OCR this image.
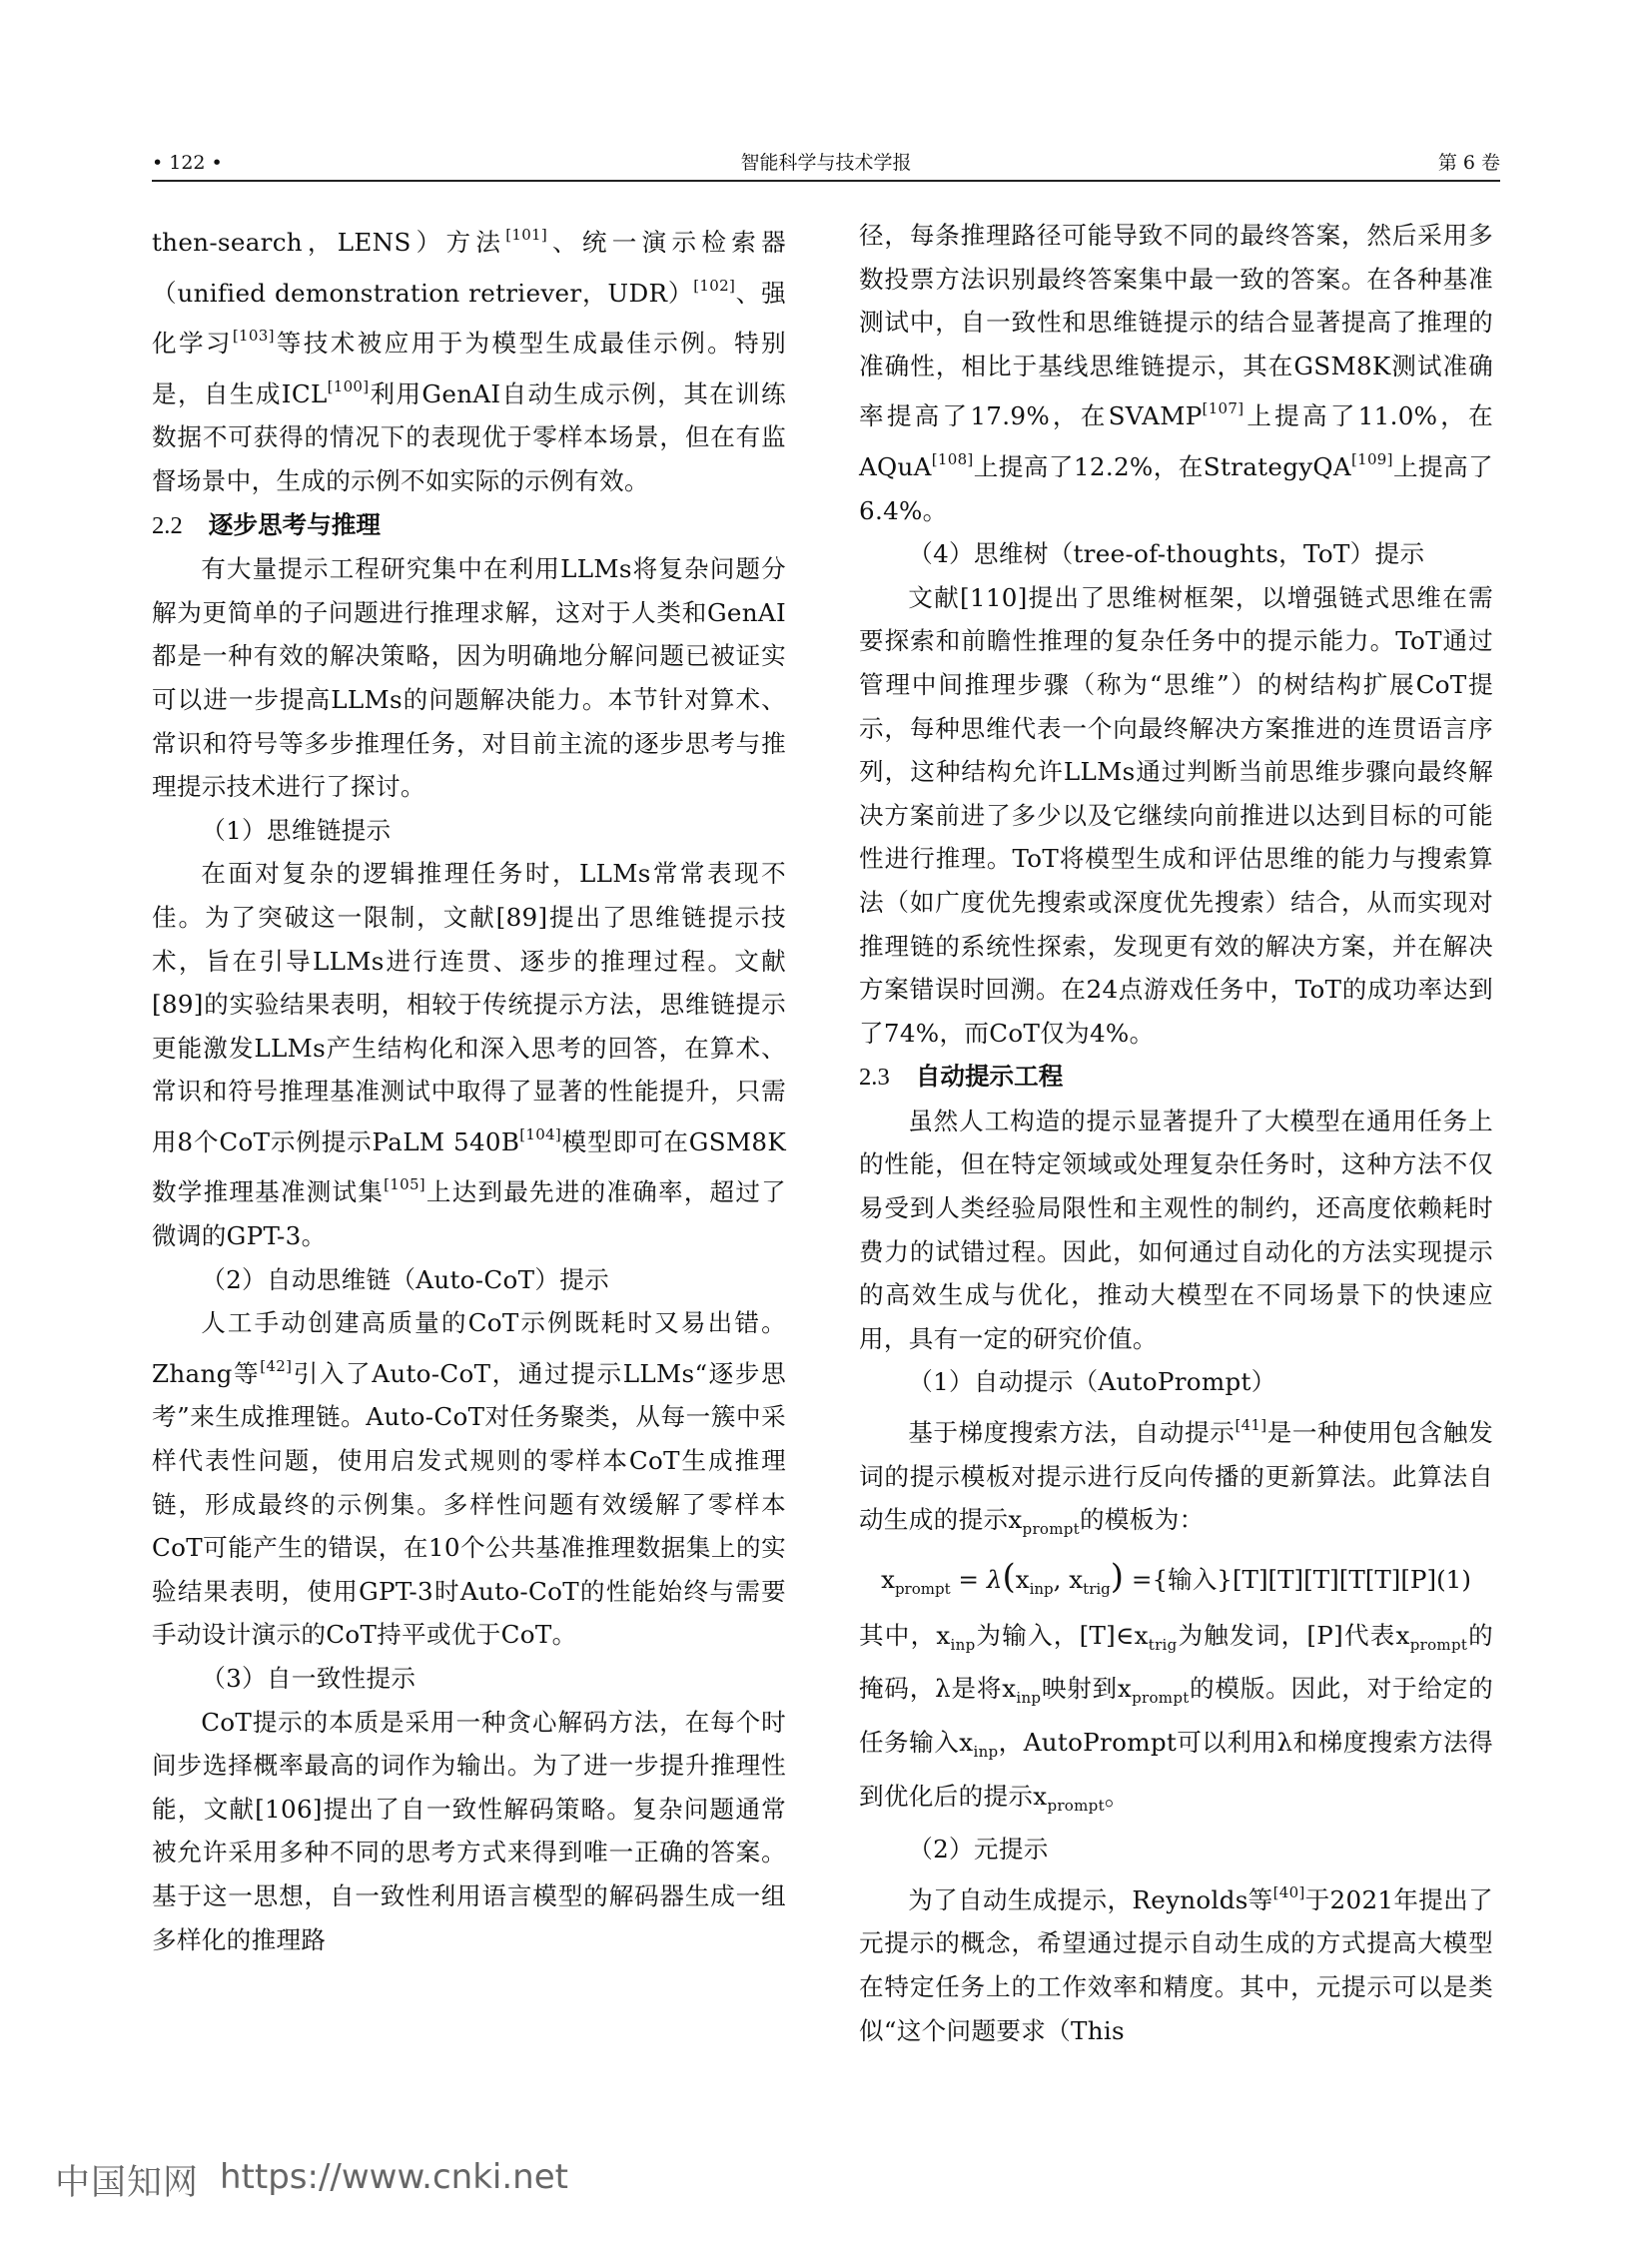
• 122 •	智能科学与技术学报	第 6 卷

then-search，LENS）方法[101]、统一演示检索器（unified demonstration retriever，UDR）[102]、强化学习[103]等技术被应用于为模型生成最佳示例。特别是，自生成ICL[100]利用GenAI自动生成示例，其在训练数据不可获得的情况下的表现优于零样本场景，但在有监督场景中，生成的示例不如实际的示例有效。

2.2 逐步思考与推理

有大量提示工程研究集中在利用LLMs将复杂问题分解为更简单的子问题进行推理求解，这对于人类和GenAI都是一种有效的解决策略，因为明确地分解问题已被证实可以进一步提高LLMs的问题解决能力。本节针对算术、常识和符号等多步推理任务，对目前主流的逐步思考与推理提示技术进行了探讨。

（1）思维链提示

在面对复杂的逻辑推理任务时，LLMs常常表现不佳。为了突破这一限制，文献[89]提出了思维链提示技术，旨在引导LLMs进行连贯、逐步的推理过程。文献[89]的实验结果表明，相较于传统提示方法，思维链提示更能激发LLMs产生结构化和深入思考的回答，在算术、常识和符号推理基准测试中取得了显著的性能提升，只需用8个CoT示例提示PaLM 540B[104]模型即可在GSM8K数学推理基准测试集[105]上达到最先进的准确率，超过了微调的GPT-3。

（2）自动思维链（Auto-CoT）提示

人工手动创建高质量的CoT示例既耗时又易出错。Zhang等[42]引入了Auto-CoT，通过提示LLMs“逐步思考”来生成推理链。Auto-CoT对任务聚类，从每一簇中采样代表性问题，使用启发式规则的零样本CoT生成推理链，形成最终的示例集。多样性问题有效缓解了零样本CoT可能产生的错误，在10个公共基准推理数据集上的实验结果表明，使用GPT-3时Auto-CoT的性能始终与需要手动设计演示的CoT持平或优于CoT。

（3）自一致性提示

CoT提示的本质是采用一种贪心解码方法，在每个时间步选择概率最高的词作为输出。为了进一步提升推理性能，文献[106]提出了自一致性解码策略。复杂问题通常被允许采用多种不同的思考方式来得到唯一正确的答案。基于这一思想，自一致性利用语言模型的解码器生成一组多样化的推理路

径，每条推理路径可能导致不同的最终答案，然后采用多数投票方法识别最终答案集中最一致的答案。在各种基准测试中，自一致性和思维链提示的结合显著提高了推理的准确性，相比于基线思维链提示，其在GSM8K测试准确率提高了17.9%，在SVAMP[107]上提高了11.0%，在AQuA[108]上提高了12.2%，在StrategyQA[109]上提高了6.4%。

（4）思维树（tree-of-thoughts，ToT）提示

文献[110]提出了思维树框架，以增强链式思维在需要探索和前瞻性推理的复杂任务中的提示能力。ToT通过管理中间推理步骤（称为“思维”）的树结构扩展CoT提示，每种思维代表一个向最终解决方案推进的连贯语言序列，这种结构允许LLMs通过判断当前思维步骤向最终解决方案前进了多少以及它继续向前推进以达到目标的可能性进行推理。ToT将模型生成和评估思维的能力与搜索算法（如广度优先搜索或深度优先搜索）结合，从而实现对推理链的系统性探索，发现更有效的解决方案，并在解决方案错误时回溯。在24点游戏任务中，ToT的成功率达到了74%，而CoT仅为4%。

2.3 自动提示工程

虽然人工构造的提示显著提升了大模型在通用任务上的性能，但在特定领域或处理复杂任务时，这种方法不仅易受到人类经验局限性和主观性的制约，还高度依赖耗时费力的试错过程。因此，如何通过自动化的方法实现提示的高效生成与优化，推动大模型在不同场景下的快速应用，具有一定的研究价值。

（1）自动提示（AutoPrompt）

基于梯度搜索方法，自动提示[41]是一种使用包含触发词的提示模板对提示进行反向传播的更新算法。此算法自动生成的提示$x_{prompt}$的模板为：

$x_{prompt} = \lambda(x_{inp}$, $x_{trig}$) ={输入}[T][T][T][T[T][P](1)

其中，$x_{inp}$为输入，$[T]\in x_{trig}$为触发词，[P]代表$x_{prompt}$的掩码，λ是将$x_{inp}$映射到$x_{prompt}$的模版。因此，对于给定的任务输入$x_{inp}$，AutoPrompt可以利用λ和梯度搜索方法得到优化后的提示$x_{prompt}$。

（2）元提示

为了自动生成提示，Reynolds等[40]于2021年提出了元提示的概念，希望通过提示自动生成的方式提高大模型在特定任务上的工作效率和精度。其中，元提示可以是类似“这个问题要求（This

中国知网 https://www.cnki.net
